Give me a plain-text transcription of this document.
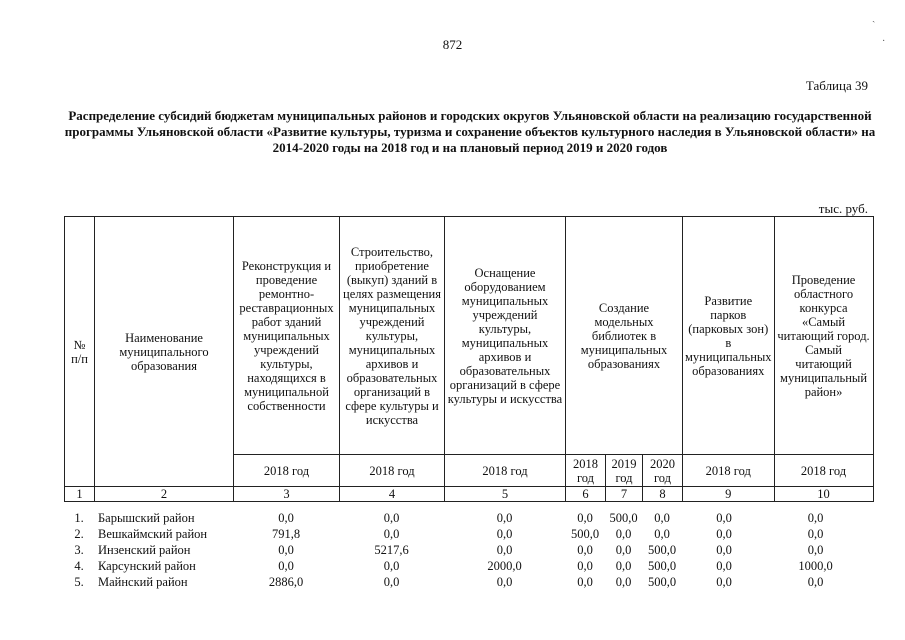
872
Таблица 39
Распределение субсидий бюджетам муниципальных районов и городских округов Ульяновской области на реализацию государственной программы Ульяновской области «Развитие культуры, туризма и сохранение объектов культурного наследия в Ульяновской области» на 2014-2020 годы на 2018 год и на плановый период 2019 и 2020 годов
тыс. руб.
№ п/п	Наименование муниципального образования	Реконструкция и проведение ремонтно-реставрационных работ зданий муниципальных учреждений культуры, находящихся в муниципальной собственности	Строительство, приобретение (выкуп) зданий в целях размещения муниципальных учреждений культуры, муниципальных архивов и образовательных организаций в сфере культуры и искусства	Оснащение оборудованием муниципальных учреждений культуры, муниципальных архивов и образовательных организаций в сфере культуры и искусства	Создание модельных библиотек в муниципальных образованиях			Развитие парков (парковых зон) в муниципальных образованиях	Проведение областного конкурса «Самый читающий город. Самый читающий муниципальный район»
		2018 год	2018 год	2018 год	2018 год	2019 год	2020 год	2018 год	2018 год
1	2	3	4	5	6	7	8	9	10
1.	Барышский район	0,0	0,0	0,0	0,0	500,0	0,0	0,0	0,0
2.	Вешкаймский район	791,8	0,0	0,0	500,0	0,0	0,0	0,0	0,0
3.	Инзенский район	0,0	5217,6	0,0	0,0	0,0	500,0	0,0	0,0
4.	Карсунский район	0,0	0,0	2000,0	0,0	0,0	500,0	0,0	1000,0
5.	Майнский район	2886,0	0,0	0,0	0,0	0,0	500,0	0,0	0,0
ˎ
·
